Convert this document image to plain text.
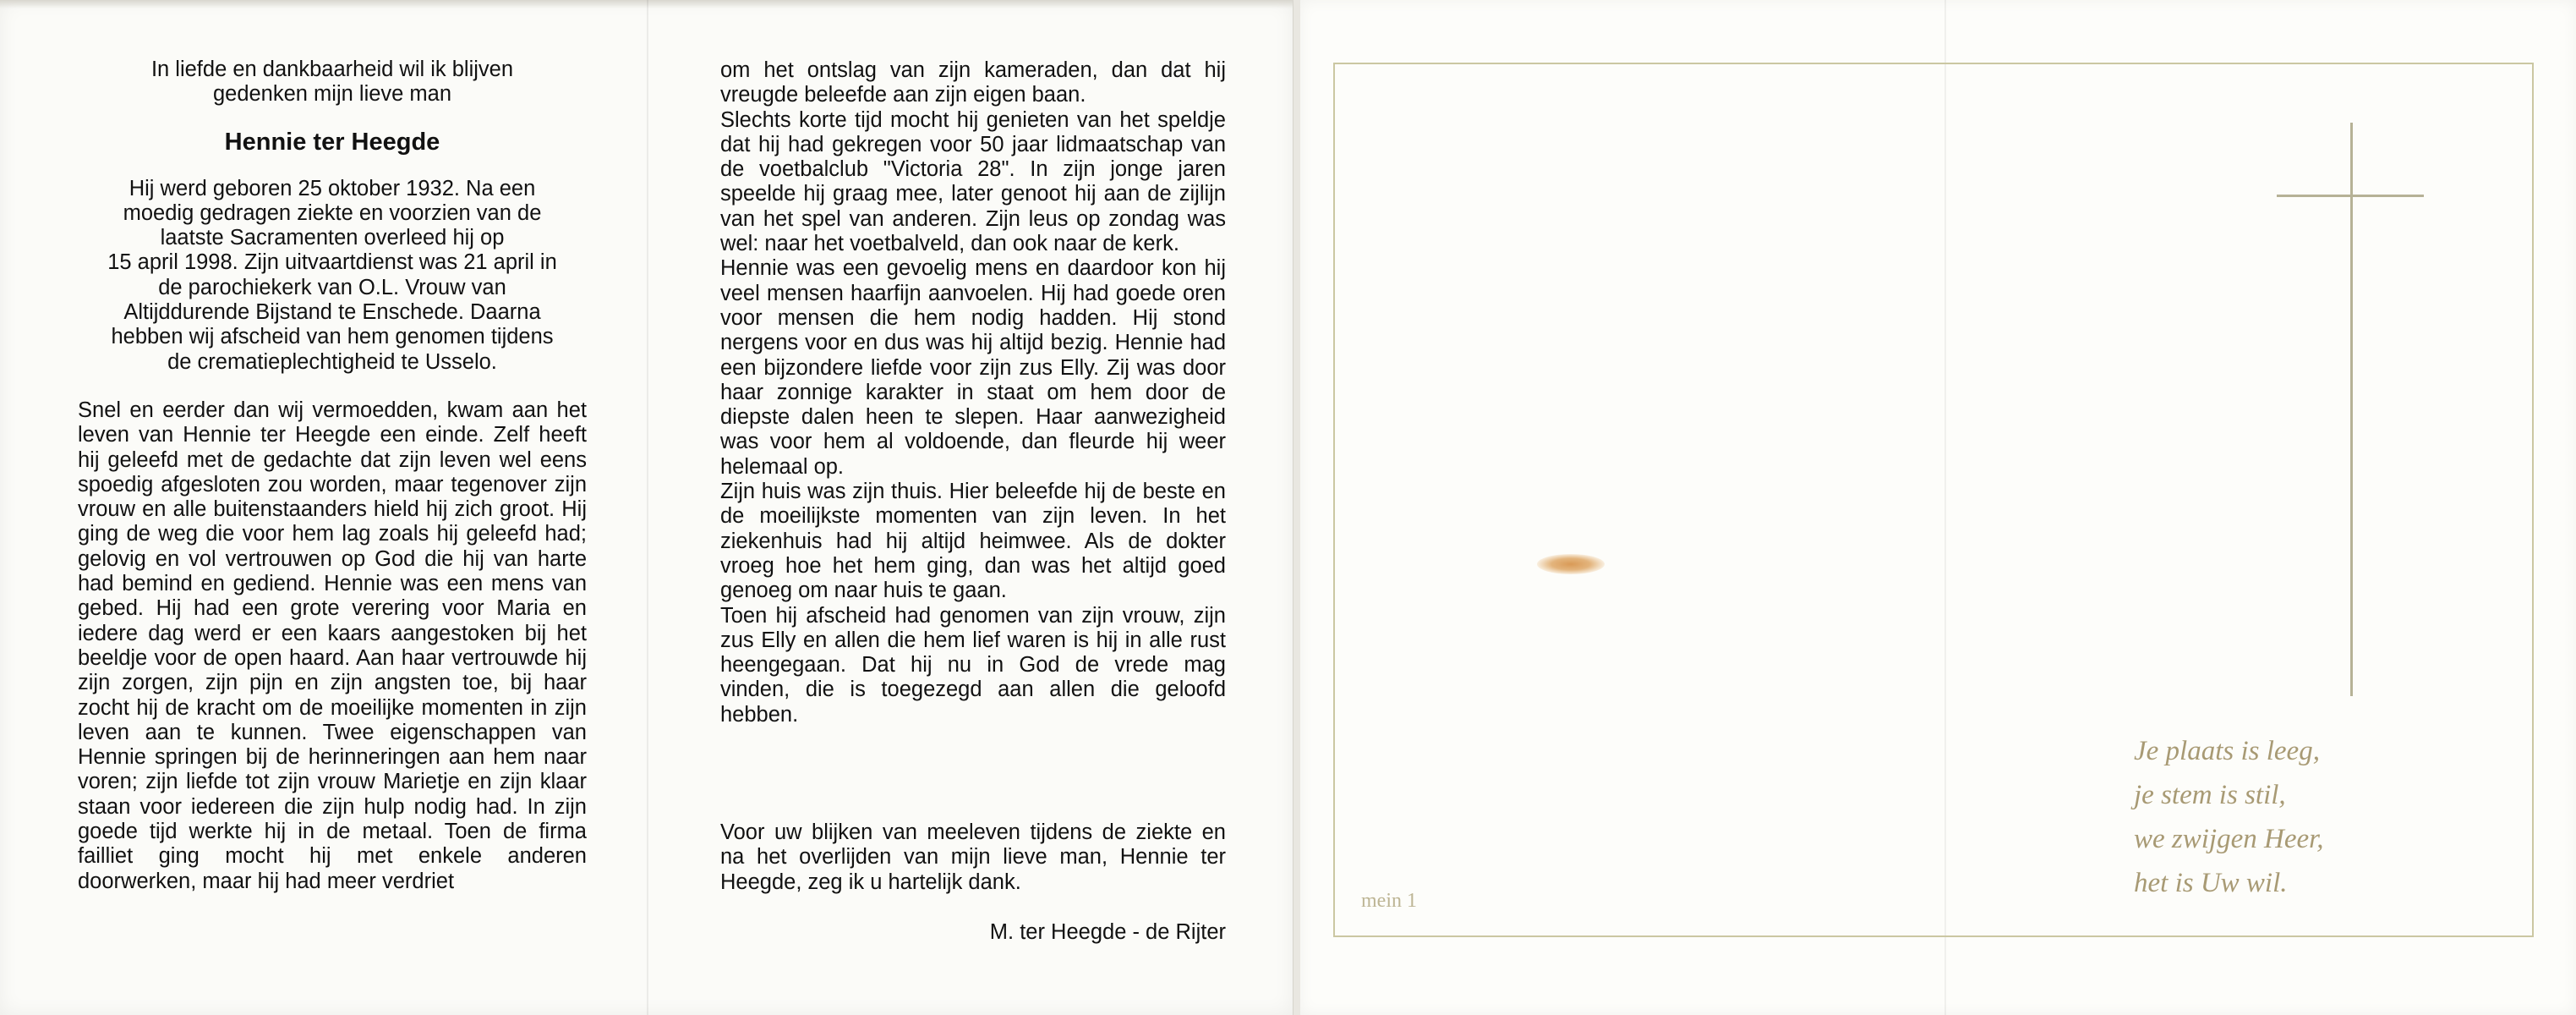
In liefde en dankbaarheid wil ik blijven
gedenken mijn lieve man
Hennie ter Heegde
Hij werd geboren 25 oktober 1932. Na een
moedig gedragen ziekte en voorzien van de
laatste Sacramenten overleed hij op
15 april 1998. Zijn uitvaartdienst was 21 april in
de parochiekerk van O.L. Vrouw van
Altijddurende Bijstand te Enschede. Daarna
hebben wij afscheid van hem genomen tijdens
de crematieplechtigheid te Usselo.

Snel en eerder dan wij vermoedden, kwam aan het leven van Hennie ter Heegde een einde. Zelf heeft hij geleefd met de gedachte dat zijn leven wel eens spoedig afgesloten zou worden, maar tegenover zijn vrouw en alle buitenstaanders hield hij zich groot. Hij ging de weg die voor hem lag zoals hij geleefd had; gelovig en vol vertrouwen op God die hij van harte had bemind en gediend. Hennie was een mens van gebed. Hij had een grote verering voor Maria en iedere dag werd er een kaars aangestoken bij het beeldje voor de open haard. Aan haar vertrouwde hij zijn zorgen, zijn pijn en zijn angsten toe, bij haar zocht hij de kracht om de moeilijke momenten in zijn leven aan te kunnen. Twee eigenschappen van Hennie springen bij de herinneringen aan hem naar voren; zijn liefde tot zijn vrouw Marietje en zijn klaar staan voor iedereen die zijn hulp nodig had. In zijn goede tijd werkte hij in de metaal. Toen de firma failliet ging mocht hij met enkele anderen doorwerken, maar hij had meer verdriet

om het ontslag van zijn kameraden, dan dat hij vreugde beleefde aan zijn eigen baan.

Slechts korte tijd mocht hij genieten van het speldje dat hij had gekregen voor 50 jaar lidmaatschap van de voetbalclub "Victoria 28". In zijn jonge jaren speelde hij graag mee, later genoot hij aan de zijlijn van het spel van anderen. Zijn leus op zondag was wel: naar het voetbalveld, dan ook naar de kerk.

Hennie was een gevoelig mens en daardoor kon hij veel mensen haarfijn aanvoelen. Hij had goede oren voor mensen die hem nodig hadden. Hij stond nergens voor en dus was hij altijd bezig. Hennie had een bijzondere liefde voor zijn zus Elly. Zij was door haar zonnige karakter in staat om hem door de diepste dalen heen te slepen. Haar aanwezigheid was voor hem al voldoende, dan fleurde hij weer helemaal op.

Zijn huis was zijn thuis. Hier beleefde hij de beste en de moeilijkste momenten van zijn leven. In het ziekenhuis had hij altijd heimwee. Als de dokter vroeg hoe het hem ging, dan was het altijd goed genoeg om naar huis te gaan.

Toen hij afscheid had genomen van zijn vrouw, zijn zus Elly en allen die hem lief waren is hij in alle rust heengegaan. Dat hij nu in God de vrede mag vinden, die is toegezegd aan allen die geloofd hebben.

Voor uw blijken van meeleven tijdens de ziekte en na het overlijden van mijn lieve man, Hennie ter Heegde, zeg ik u hartelijk dank.

M. ter Heegde - de Rijter
Je plaats is leeg,
je stem is stil,
we zwijgen Heer,
het is Uw wil.
mein 1
